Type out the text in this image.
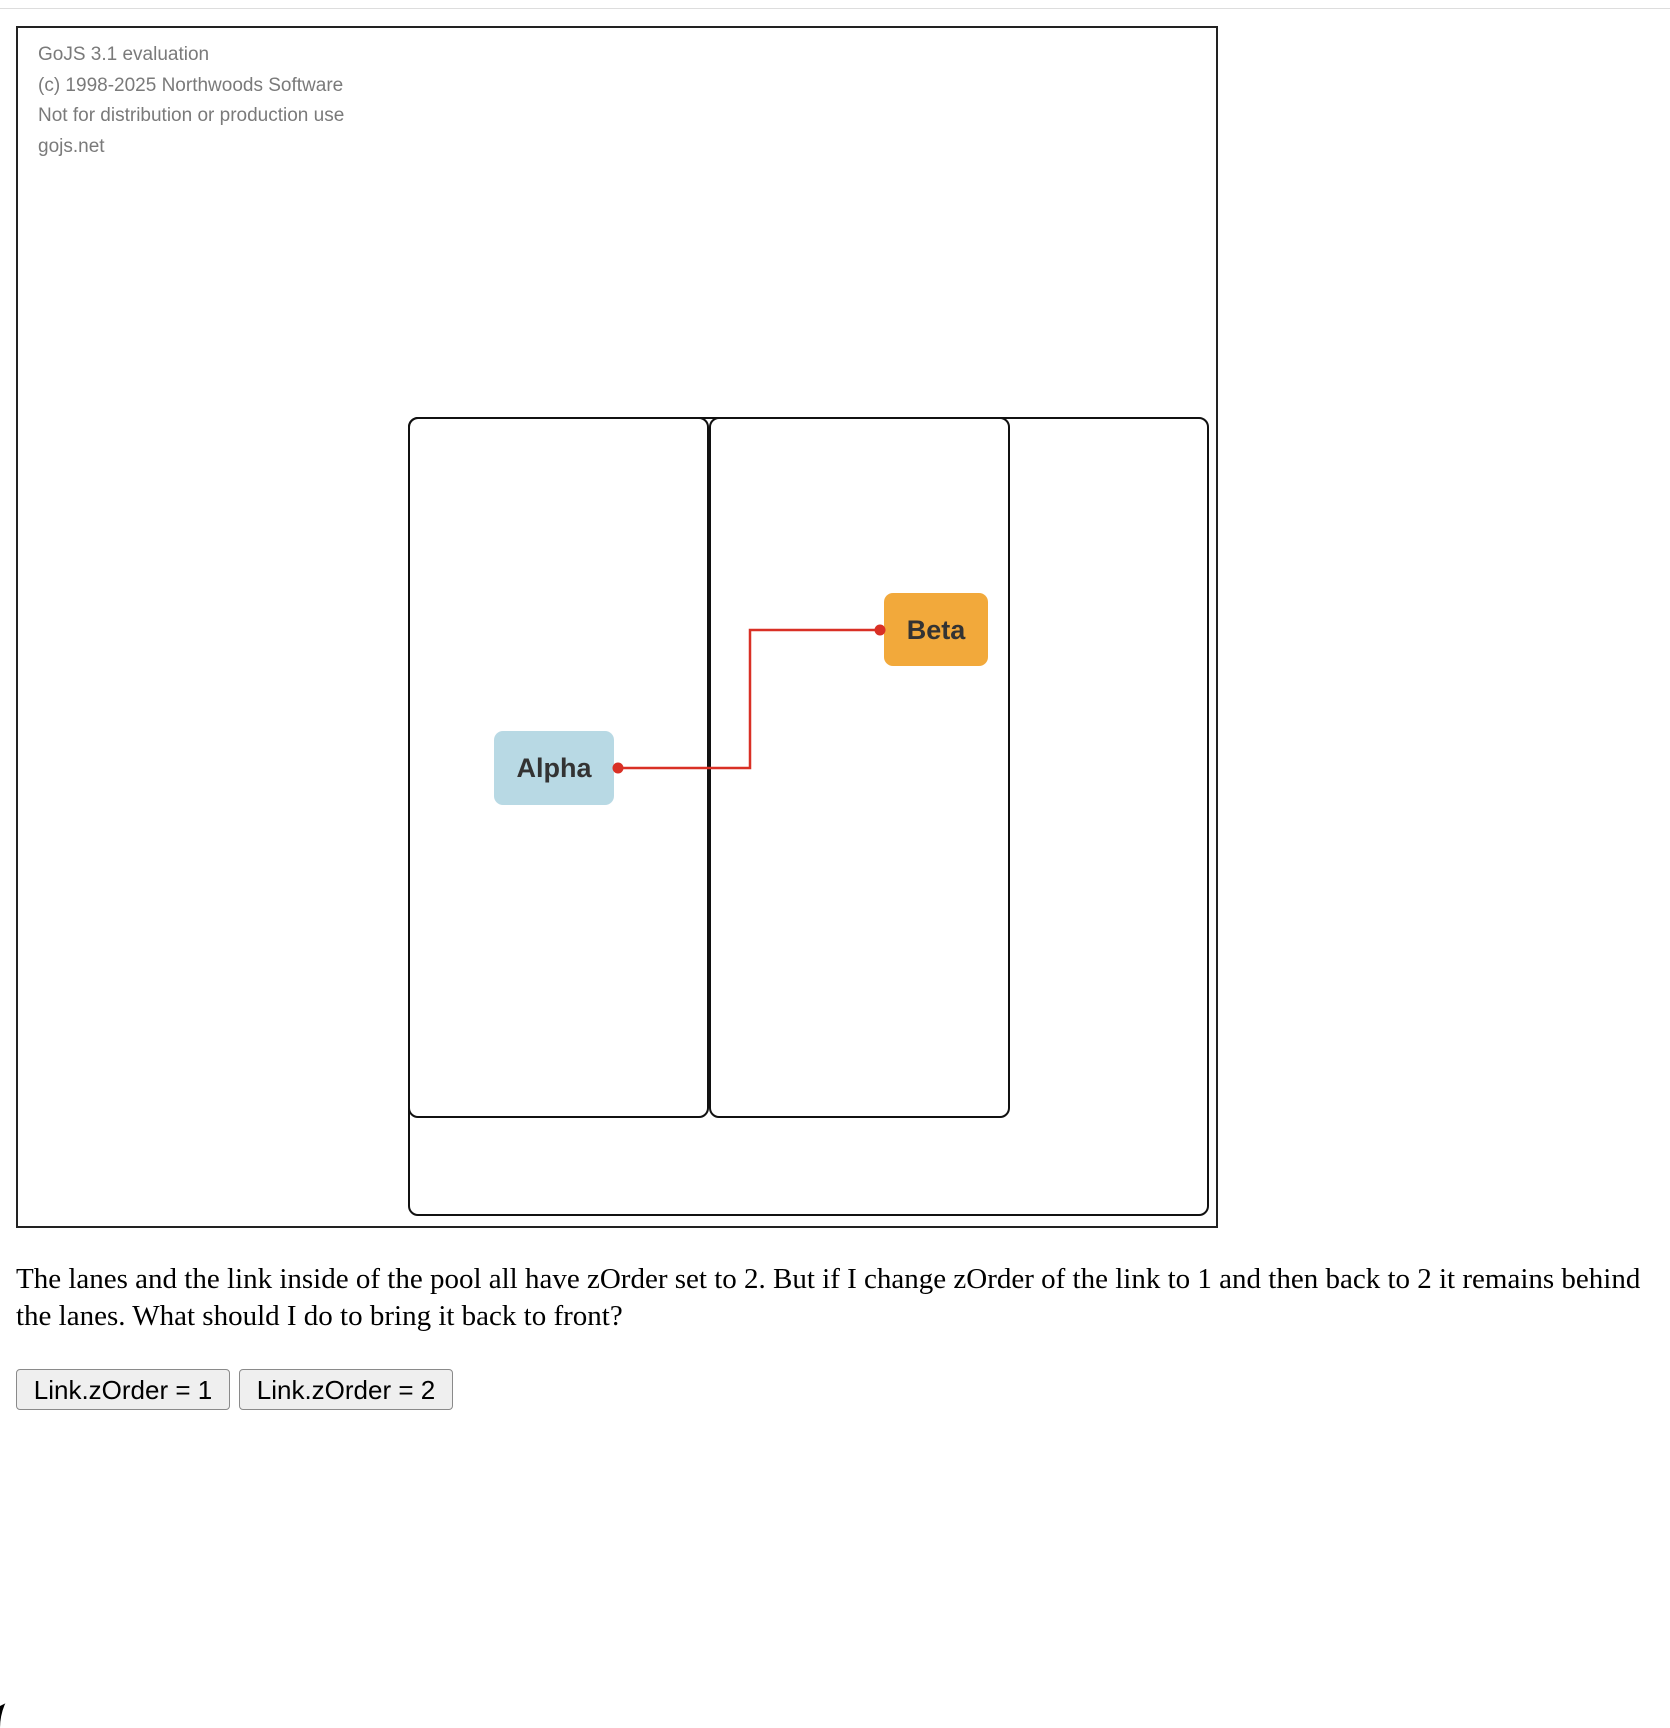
GoJS 3.1 evaluation
(c) 1998-2025 Northwoods Software
Not for distribution or production use
gojs.net
Alpha
Beta

The lanes and the link inside of the pool all have zOrder set to 2. But if I change zOrder of the link to 1 and then back to 2 it remains behind the lanes. What should I do to bring it back to front?

Link.zOrder = 1	Link.zOrder = 2
